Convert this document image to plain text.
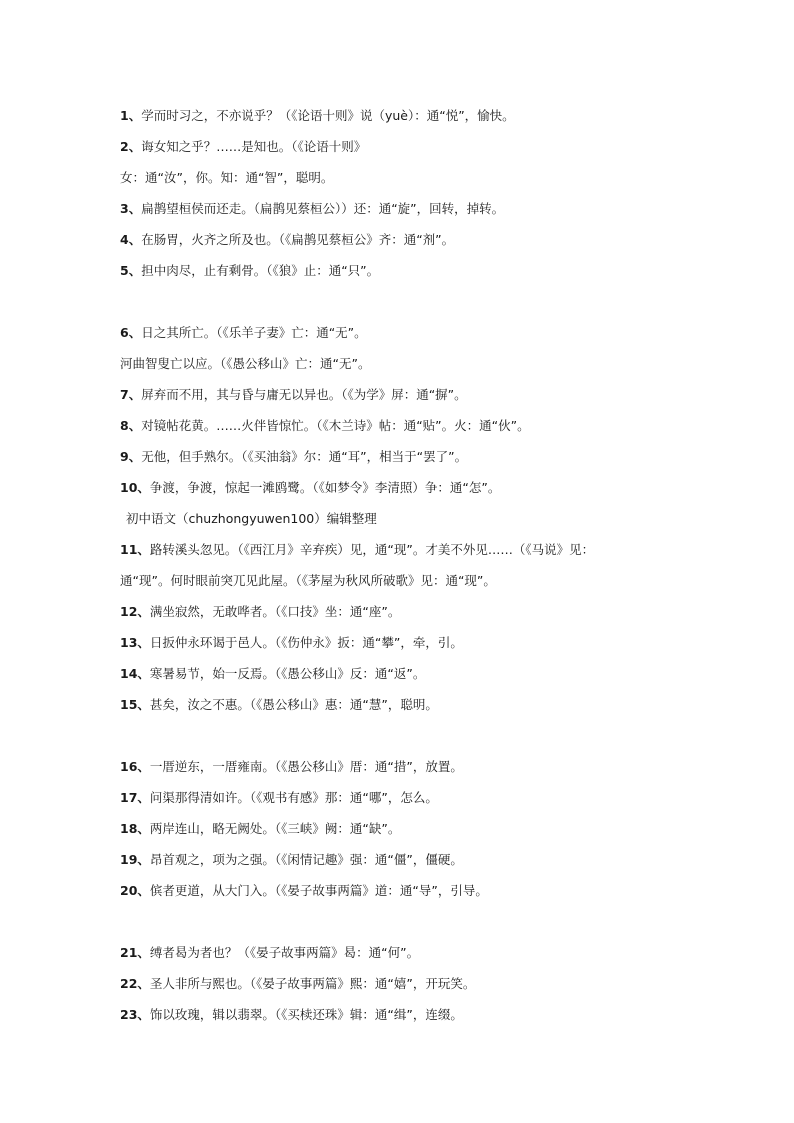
1、学而时习之，不亦说乎？（《论语十则》说（yuè）：通“悦”，愉快。
2、诲女知之乎？……是知也。（《论语十则》
女：通“汝”，你。知：通“智”，聪明。
3、扁鹊望桓侯而还走。（扁鹊见蔡桓公））还：通“旋”，回转，掉转。
4、在肠胃，火齐之所及也。（《扁鹊见蔡桓公》齐：通“剂”。
5、担中肉尽，止有剩骨。（《狼》止：通“只”。
6、日之其所亡。（《乐羊子妻》亡：通“无”。
河曲智叟亡以应。（《愚公移山》亡：通“无”。
7、屏弃而不用，其与昏与庸无以异也。（《为学》屏：通“摒”。
8、对镜帖花黄。……火伴皆惊忙。（《木兰诗》帖：通“贴”。火：通“伙”。
9、无他，但手熟尔。（《买油翁》尔：通“耳”，相当于“罢了”。
10、争渡，争渡，惊起一滩鸥鹭。（《如梦令》李清照）争：通“怎”。
初中语文（chuzhongyuwen100）编辑整理
11、路转溪头忽见。（《西江月》辛弃疾）见，通“现”。才美不外见……（《马说》见：
通“现”。何时眼前突兀见此屋。（《茅屋为秋风所破歌》见：通“现”。
12、满坐寂然，无敢哗者。（《口技》坐：通“座”。
13、日扳仲永环谒于邑人。（《伤仲永》扳：通“攀”，牵，引。
14、寒暑易节，始一反焉。（《愚公移山》反：通“返”。
15、甚矣，汝之不惠。（《愚公移山》惠：通“慧”，聪明。
16、一厝逆东，一厝雍南。（《愚公移山》厝：通“措”，放置。
17、问渠那得清如许。（《观书有感》那：通“哪”，怎么。
18、两岸连山，略无阙处。（《三峡》阙：通“缺”。
19、昂首观之，项为之强。（《闲情记趣》强：通“僵”，僵硬。
20、傧者更道，从大门入。（《晏子故事两篇》道：通“导”，引导。
21、缚者曷为者也？（《晏子故事两篇》曷：通“何”。
22、圣人非所与熙也。（《晏子故事两篇》熙：通“嬉”，开玩笑。
23、饰以玫瑰，辑以翡翠。（《买椟还珠》辑：通“缉”，连缀。
